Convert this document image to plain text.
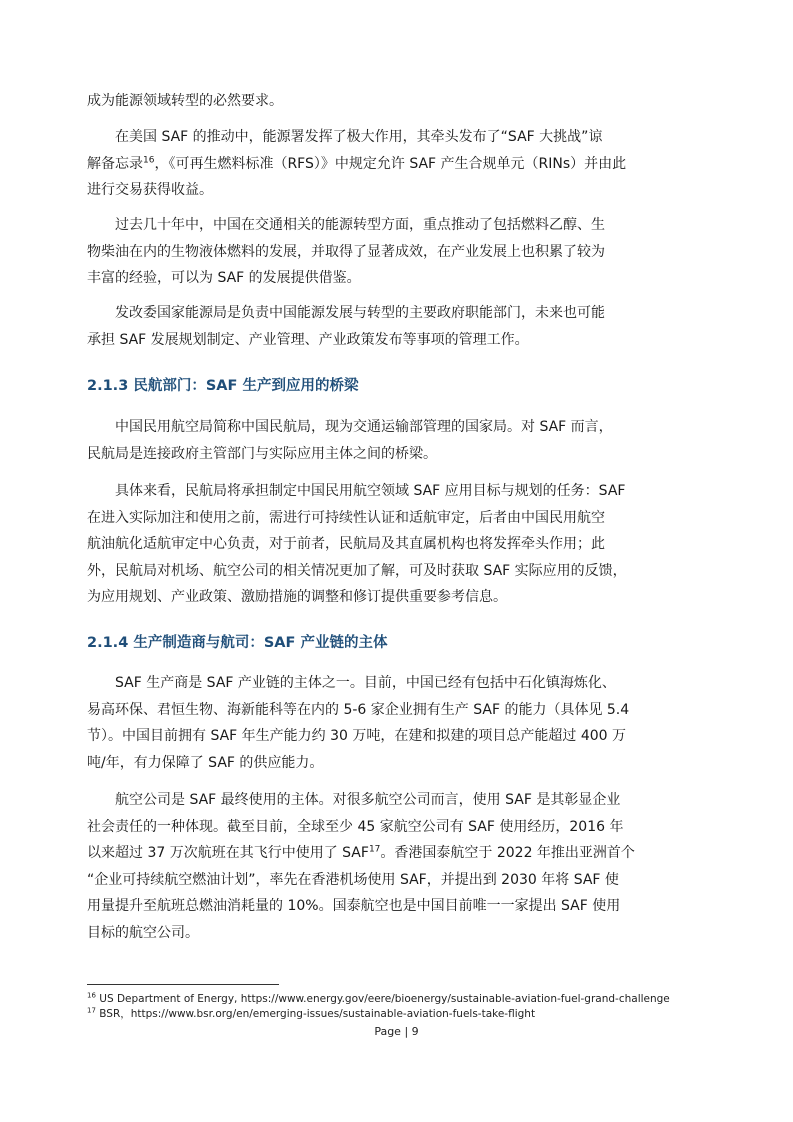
成为能源领域转型的必然要求。

在美国 SAF 的推动中，能源署发挥了极大作用，其牵头发布了“SAF 大挑战”谅
解备忘录$^{16}$，《可再生燃料标准（RFS）》中规定允许 SAF 产生合规单元（RINs）并由此
进行交易获得收益。

过去几十年中，中国在交通相关的能源转型方面，重点推动了包括燃料乙醇、生
物柴油在内的生物液体燃料的发展，并取得了显著成效，在产业发展上也积累了较为
丰富的经验，可以为 SAF 的发展提供借鉴。

发改委国家能源局是负责中国能源发展与转型的主要政府职能部门，未来也可能
承担 SAF 发展规划制定、产业管理、产业政策发布等事项的管理工作。

2.1.3 民航部门：SAF 生产到应用的桥梁

中国民用航空局简称中国民航局，现为交通运输部管理的国家局。对 SAF 而言，
民航局是连接政府主管部门与实际应用主体之间的桥梁。

具体来看，民航局将承担制定中国民用航空领域 SAF 应用目标与规划的任务：SAF
在进入实际加注和使用之前，需进行可持续性认证和适航审定，后者由中国民用航空
航油航化适航审定中心负责，对于前者，民航局及其直属机构也将发挥牵头作用；此
外，民航局对机场、航空公司的相关情况更加了解，可及时获取 SAF 实际应用的反馈，
为应用规划、产业政策、激励措施的调整和修订提供重要参考信息。

2.1.4 生产制造商与航司：SAF 产业链的主体

SAF 生产商是 SAF 产业链的主体之一。目前，中国已经有包括中石化镇海炼化、
易高环保、君恒生物、海新能科等在内的 5-6 家企业拥有生产 SAF 的能力（具体见 5.4
节）。中国目前拥有 SAF 年生产能力约 30 万吨，在建和拟建的项目总产能超过 400 万
吨/年，有力保障了 SAF 的供应能力。

航空公司是 SAF 最终使用的主体。对很多航空公司而言，使用 SAF 是其彰显企业
社会责任的一种体现。截至目前，全球至少 45 家航空公司有 SAF 使用经历，2016 年
以来超过 37 万次航班在其飞行中使用了 SAF$^{17}$。香港国泰航空于 2022 年推出亚洲首个
“企业可持续航空燃油计划”，率先在香港机场使用 SAF，并提出到 2030 年将 SAF 使
用量提升至航班总燃油消耗量的 10%。国泰航空也是中国目前唯一一家提出 SAF 使用
目标的航空公司。

$^{16}$ US Department of Energy, https://www.energy.gov/eere/bioenergy/sustainable-aviation-fuel-grand-challenge

$^{17}$ BSR，https://www.bsr.org/en/emerging-issues/sustainable-aviation-fuels-take-flight

Page | 9
